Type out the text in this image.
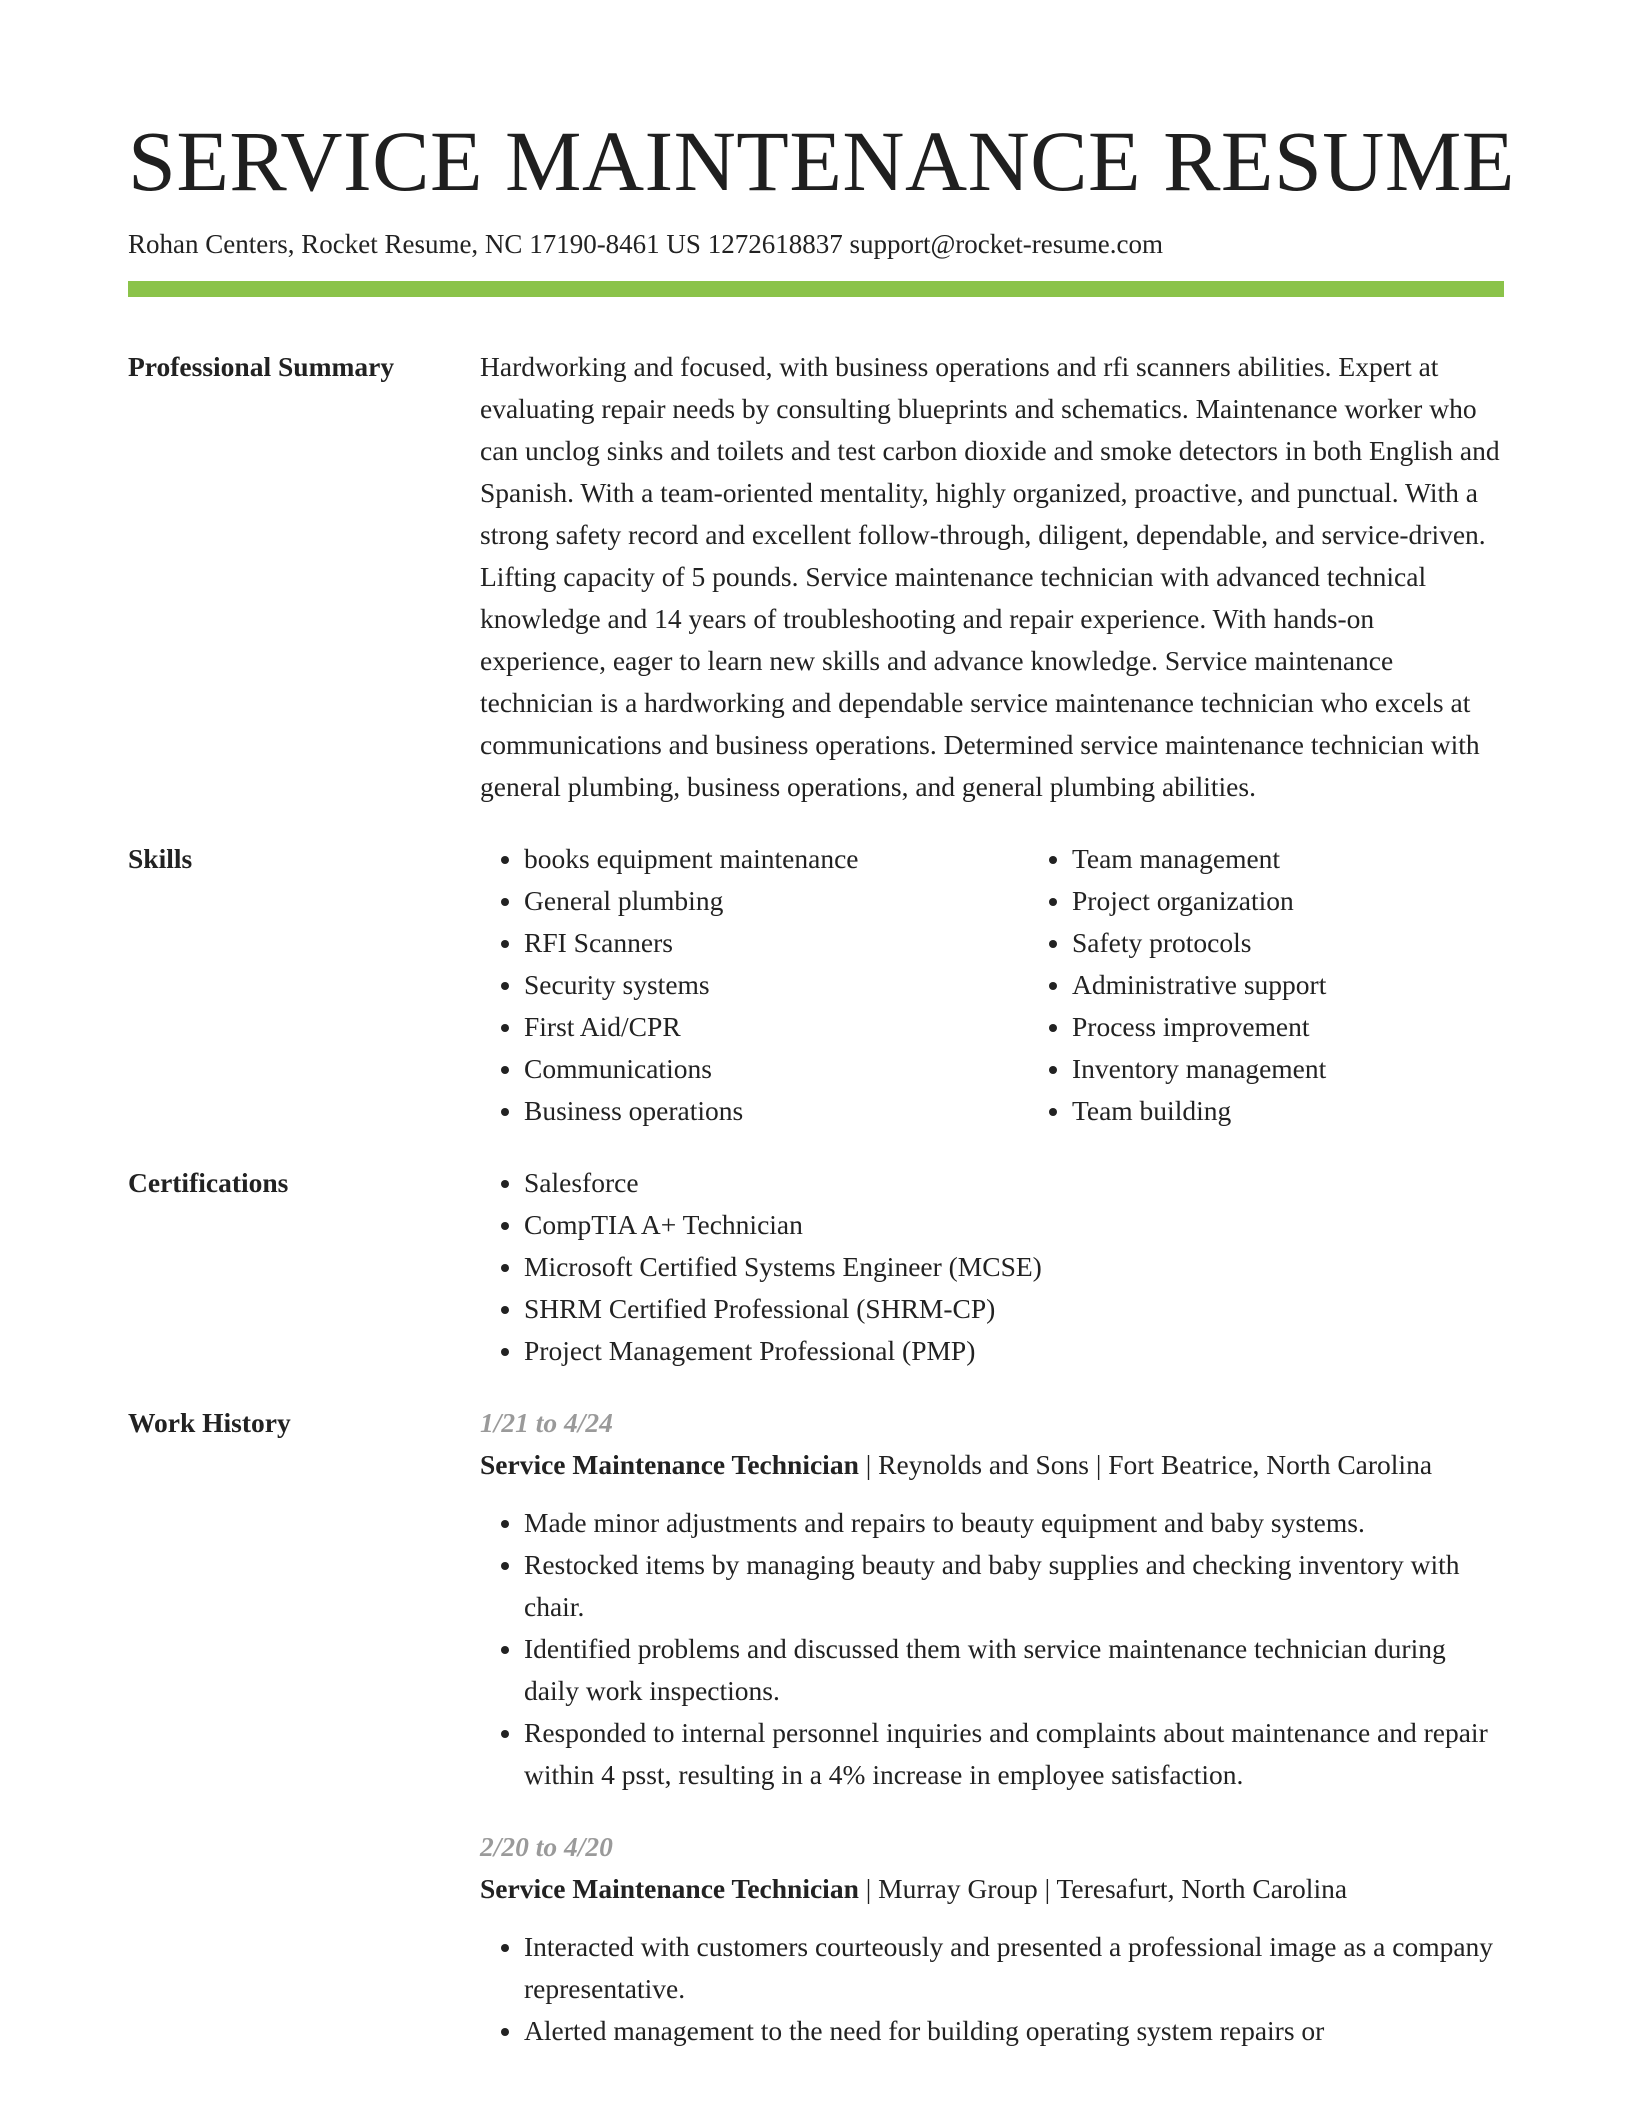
SERVICE MAINTENANCE RESUME
Rohan Centers, Rocket Resume, NC 17190-8461 US 1272618837 support@rocket-resume.com
Professional Summary	Hardworking and focused, with business operations and rfi scanners abilities. Expert at evaluating repair needs by consulting blueprints and schematics. Maintenance worker who can unclog sinks and toilets and test carbon dioxide and smoke detectors in both English and Spanish. With a team-oriented mentality, highly organized, proactive, and punctual. With a strong safety record and excellent follow-through, diligent, dependable, and service-driven. Lifting capacity of 5 pounds. Service maintenance technician with advanced technical knowledge and 14 years of troubleshooting and repair experience. With hands-on experience, eager to learn new skills and advance knowledge. Service maintenance technician is a hardworking and dependable service maintenance technician who excels at communications and business operations. Determined service maintenance technician with general plumbing, business operations, and general plumbing abilities.

Skills	• books equipment maintenance
• General plumbing
• RFI Scanners
• Security systems
• First Aid/CPR
• Communications
• Business operations
• Team management
• Project organization
• Safety protocols
• Administrative support
• Process improvement
• Inventory management
• Team building
Certifications	• Salesforce
• CompTIA A+ Technician
• Microsoft Certified Systems Engineer (MCSE)
• SHRM Certified Professional (SHRM-CP)
• Project Management Professional (PMP)
Work History	1/21 to 4/24
Service Maintenance Technician | Reynolds and Sons | Fort Beatrice, North Carolina
• Made minor adjustments and repairs to beauty equipment and baby systems.
• Restocked items by managing beauty and baby supplies and checking inventory with chair.
• Identified problems and discussed them with service maintenance technician during daily work inspections.
• Responded to internal personnel inquiries and complaints about maintenance and repair within 4 psst, resulting in a 4% increase in employee satisfaction.
2/20 to 4/20
Service Maintenance Technician | Murray Group | Teresafurt, North Carolina
• Interacted with customers courteously and presented a professional image as a company representative.
• Alerted management to the need for building operating system repairs or
